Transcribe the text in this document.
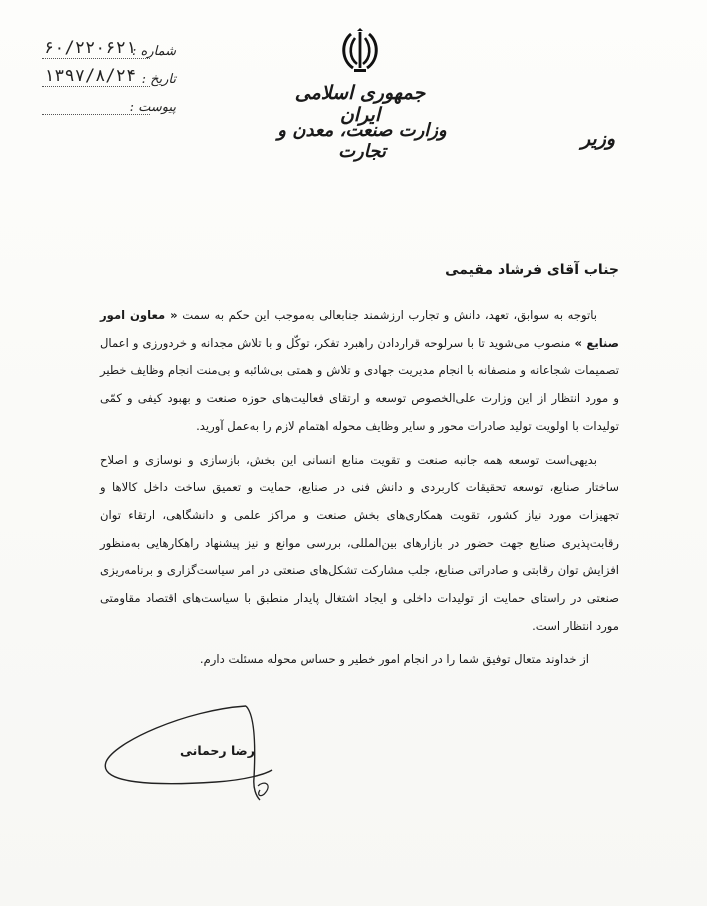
۶۰/۲۲۰۶۲۱
شماره :
۱۳۹۷/۸/۲۴ تاریخ :
پیوست :
جمهوری اسلامی ایران
وزارت صنعت، معدن و تجارت
وزیر
جناب آقای فرشاد مقیمی

باتوجه به سوابق، تعهد، دانش و تجارب ارزشمند جنابعالی به‌موجب این حکم به سمت « معاون امور صنایع » منصوب می‌شوید تا با سرلوحه قراردادن راهبرد تفکر، توکّل و با تلاش مجدانه و خردورزی و اعمال تصمیمات شجاعانه و منصفانه با انجام مدیریت جهادی و تلاش و همتی بی‌شائبه و بی‌منت انجام وظایف خطیر و مورد انتظار از این وزارت علی‌الخصوص توسعه و ارتقای فعالیت‌های حوزه صنعت و بهبود کیفی و کمّی تولیدات با اولویت تولید صادرات محور و سایر وظایف محوله اهتمام لازم را به‌عمل آورید.

بدیهی‌است توسعه همه جانبه صنعت و تقویت منابع انسانی این بخش، بازسازی و نوسازی و اصلاح ساختار صنایع، توسعه تحقیقات کاربردی و دانش فنی در صنایع، حمایت و تعمیق ساخت داخل کالاها و تجهیزات مورد نیاز کشور، تقویت همکاری‌های بخش صنعت و مراکز علمی و دانشگاهی، ارتقاء توان رقابت‌پذیری صنایع جهت حضور در بازارهای بین‌المللی، بررسی موانع و نیز پیشنهاد راهکارهایی به‌منظور افزایش توان رقابتی و صادراتی صنایع، جلب مشارکت تشکل‌های صنعتی در امر سیاست‌گزاری و برنامه‌ریزی صنعتی در راستای حمایت از تولیدات داخلی و ایجاد اشتغال پایدار منطبق با سیاست‌های اقتصاد مقاومتی مورد انتظار است.

از خداوند متعال توفیق شما را در انجام امور خطیر و حساس محوله مسئلت دارم.

رضا رحمانی
